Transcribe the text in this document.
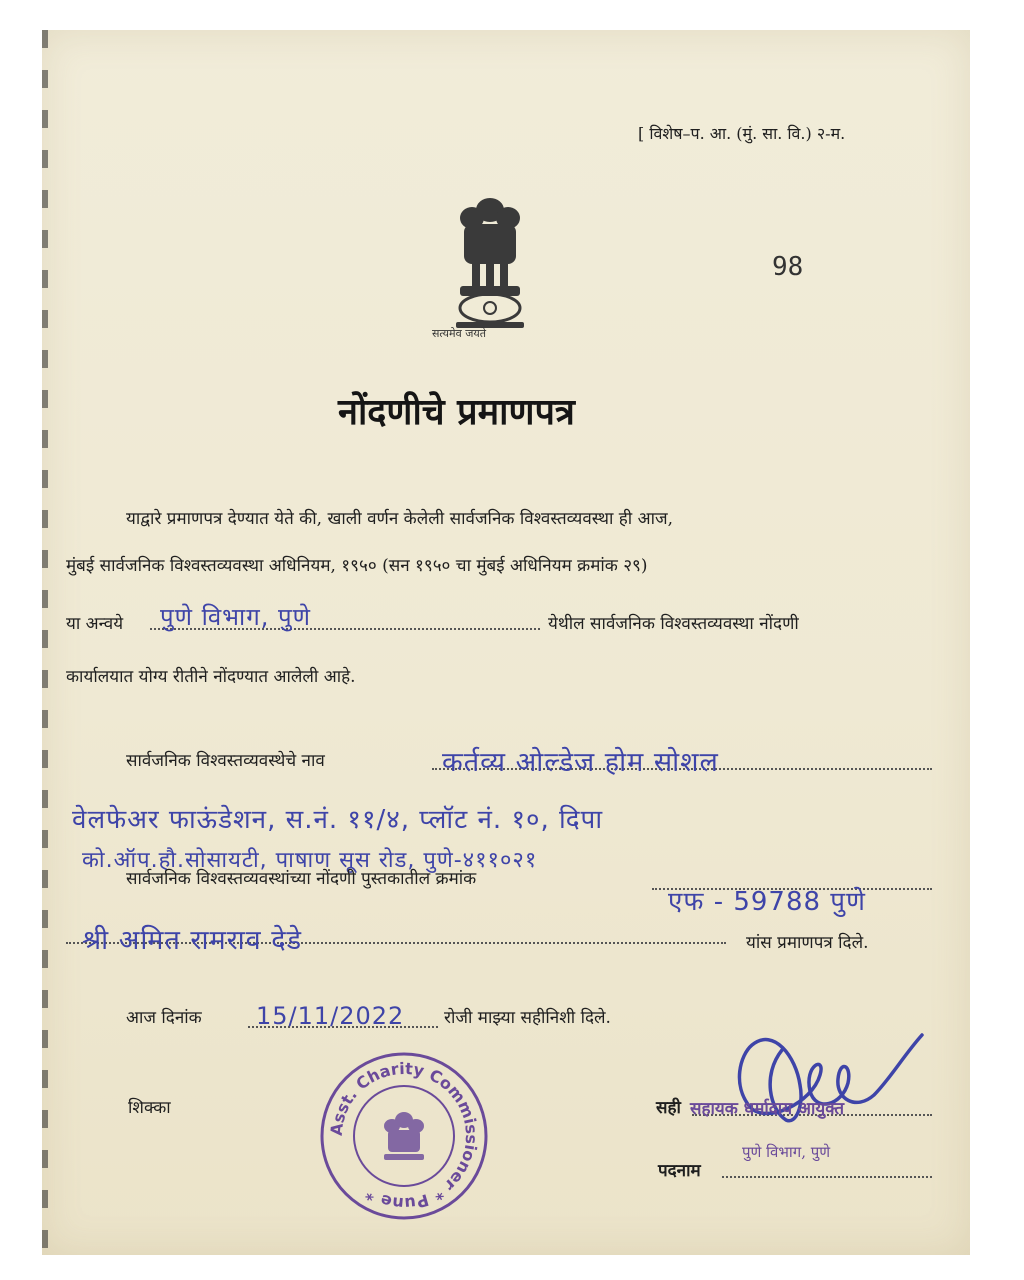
[ विशेष–प. आ. (मुं. सा. वि.) २-म.
सत्यमेव जयते
98
नोंदणीचे प्रमाणपत्र
याद्वारे प्रमाणपत्र देण्यात येते की, खाली वर्णन केलेली सार्वजनिक विश्वस्तव्यवस्था ही आज,
मुंबई सार्वजनिक विश्वस्तव्यवस्था अधिनियम, १९५० (सन १९५० चा मुंबई अधिनियम क्रमांक २९)
या अन्वये पुणे विभाग, पुणे	येथील सार्वजनिक विश्वस्तव्यवस्था नोंदणी
कार्यालयात योग्य रीतीने नोंदण्यात आलेली आहे.
सार्वजनिक विश्वस्तव्यवस्थेचे नाव	कर्तव्य ओल्डेज होम सोशल
वेलफेअर फाऊंडेशन, स.नं. ११/४, प्लॉट नं. १०, दिपा
को.ऑप.हौ.सोसायटी, पाषाण सूस रोड, पुणे-४११०२१
सार्वजनिक विश्वस्तव्यवस्थांच्या नोंदणी पुस्तकातील क्रमांक
एफ - 59788 पुणे
श्री अमित रामराव देडे	यांस प्रमाणपत्र दिले.
आज दिनांक 15/11/2022 रोजी माझ्या सहीनिशी दिले.
शिक्का
Asst. Charity Commissioner * Pune *
सही सहायक धर्मादाय आयुक्त
पदनाम
पुणे विभाग, पुणे
